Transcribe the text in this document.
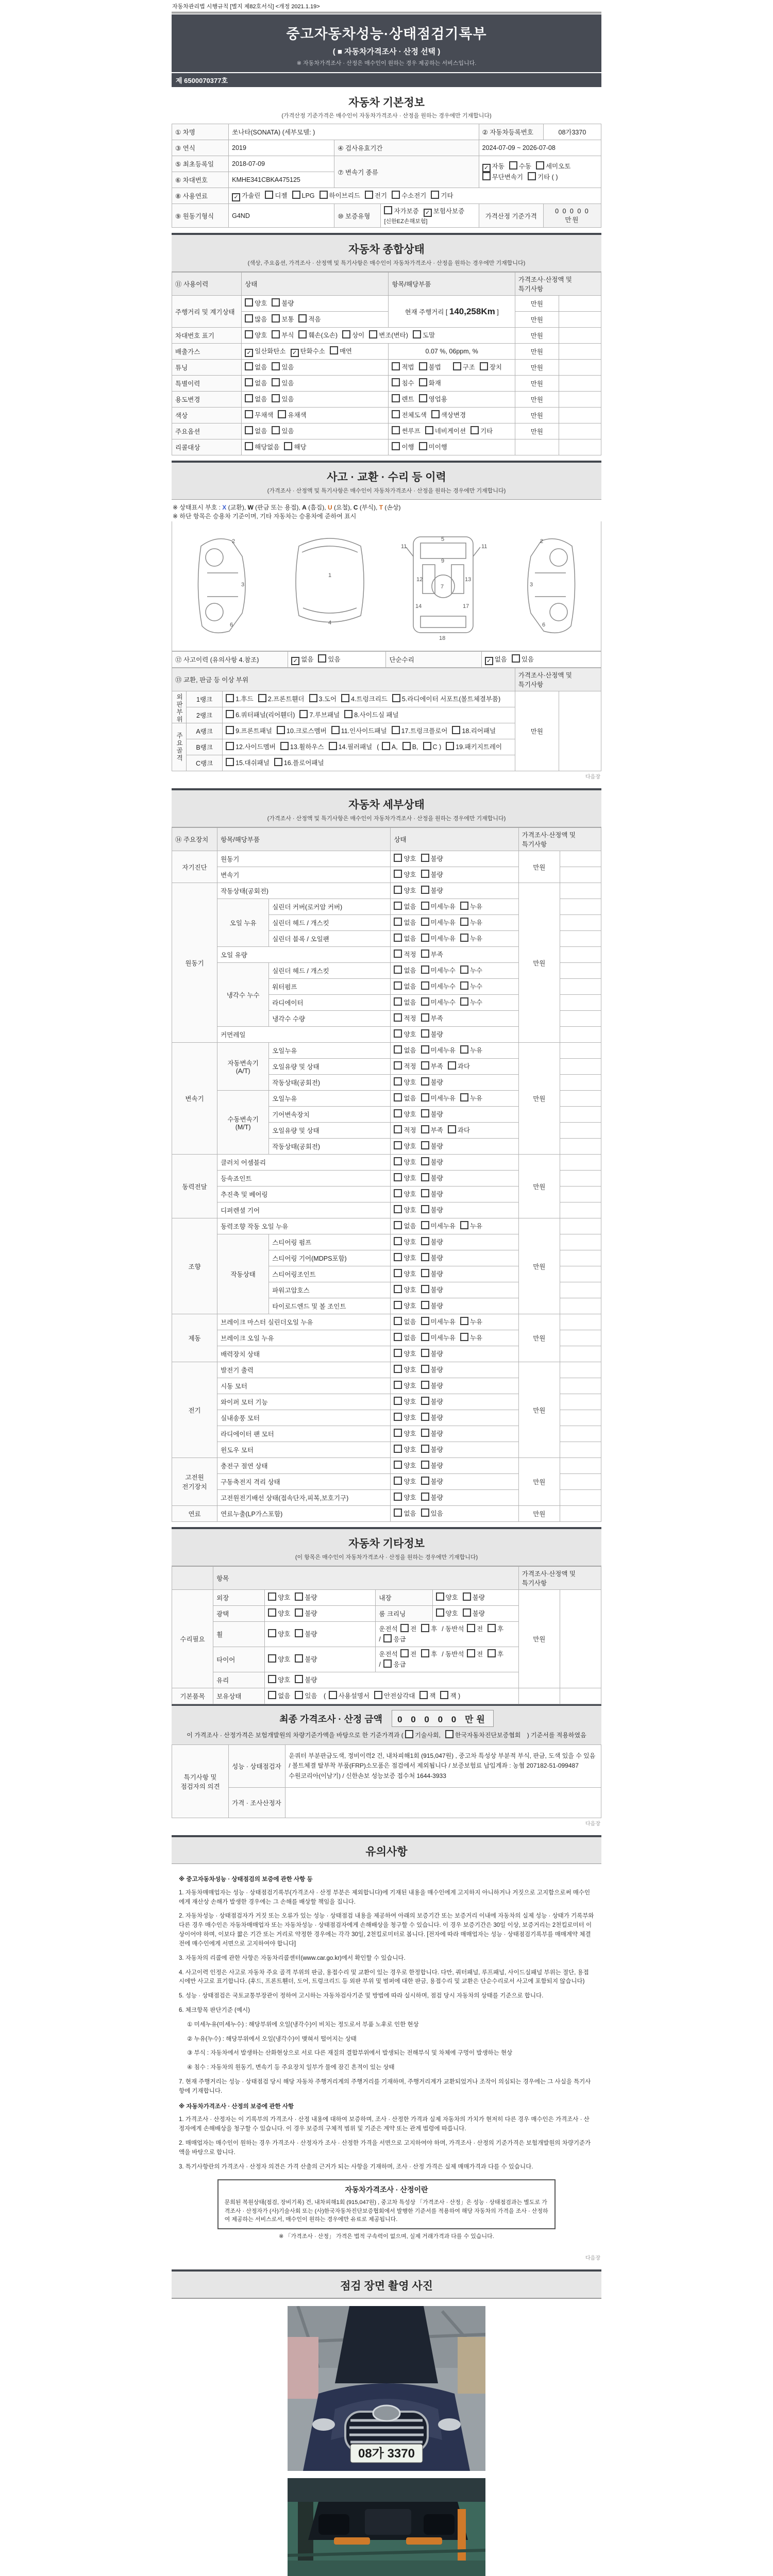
자동차관리법 시행규칙 [별지 제82호서식] <개정 2021.1.19>
중고자동차성능·상태점검기록부
( ■ 자동차가격조사 · 산정 선택 )
※ 자동차가격조사 · 산정은 매수인이 원하는 경우 제공하는 서비스입니다.
제 6500070377호
자동차 기본정보
(가격산정 기준가격은 매수인이 자동차가격조사 · 산정을 원하는 경우에만 기재합니다)
① 차명	쏘나타(SONATA) (세부모델: )			② 자동차등록번호	08가3370
③ 연식	2019	④ 검사유효기간		2024-07-09 ~ 2026-07-08	
⑤ 최초등록일	2018-07-09	⑦ 변속기 종류		✓ 자동 수동 세미오토
무단변속기 기타 ( )	

⑥ 차대번호	KMHE341CBKA475125				
⑧ 사용연료	✓ 가솔린 디젤 LPG 하이브리드 전기 수소전기 기타				
⑨ 원동기형식	G4ND	⑩ 보증유형	자가보증 ✓ 보험사보증 [신한EZ손해보험]	가격산정 기준가격	0 0 0 0 0 만원
자동차 종합상태
(색상, 주요옵션, 가격조사 · 산정액 및 특기사항은 매수인이 자동차가격조사 · 산정을 원하는 경우에만 기재합니다)
⑪ 사용이력	상태	항목/해당부품	가격조사·산정액 및 특기사항	
주행거리 및 계기상태	양호 불량	현재 주행거리 [ 140,258Km ]	만원	
	많음 보통 적음		만원	
차대번호 표기	양호 부식 훼손(오손) 상이 변조(변타) 도말		만원	
배출가스	✓ 일산화탄소 ✓ 탄화수소 매연	0.07 %, 06ppm, %	만원	
튜닝	없음 있음	적법 불법 구조 장치	만원	
특별이력	없음 있음	침수 화재	만원	
용도변경	없음 있음	렌트 영업용	만원	
색상	무채색 유채색	전체도색 색상변경	만원	
주요옵션	없음 있음	썬루프 네비게이션 기타	만원	
리콜대상	해당없음 해당	이행 미이행		
사고 · 교환 · 수리 등 이력
(가격조사 · 산정액 및 특기사항은 매수인이 자동차가격조사 · 산정을 원하는 경우에만 기재합니다)
※ 상태표시 부호 : X (교환), W (판금 또는 용접), A (흠집), U (요철), C (부식), T (손상)
※ 하단 항목은 승용차 기준이며, 기타 자동차는 승용차에 준하여 표시
2
3
6
1
4
11	11
5
9
12	13
7
14	17
18
2
3
6
⑫ 사고이력 (유의사항 4.참조)	✓ 없음 있음	단순수리	✓ 없음 있음
⑬ 교환, 판금 등 이상 부위			가격조사·산정액 및 특기사항	
외판부위	1랭크	1.후드 2.프론트휀더 3.도어 4.트렁크리드 5.라디에이터 서포트(볼트체결부품)	만원	
	2랭크	6.쿼터패널(리어휀더) 7.루브패널 8.사이드실 패널		
주요골격	A랭크	9.프론트패널 10.크로스멤버 11.인사이드패널 17.트렁크플로어 18.리어패널		
	B랭크	12.사이드멤버 13.휠하우스 14.필러패널 ( A, B, C ) 19.패키지트레이		
	C랭크	15.대쉬패널 16.플로어패널		
다음장
자동차 세부상태
(가격조사 · 산정액 및 특기사항은 매수인이 자동차가격조사 · 산정을 원하는 경우에만 기재합니다)
⑭ 주요장치	항목/해당부품		상태	가격조사·산정액 및 특기사항	
자기진단	원동기		양호 불량	만원	
	변속기		양호 불량		
원동기	작동상태(공회전)		양호 불량	만원	
	오일 누유	실린더 커버(로커암 커버)	없음 미세누유 누유		
		실린더 헤드 / 개스킷	없음 미세누유 누유		
		실린더 블록 / 오일팬	없음 미세누유 누유		
	오일 유량		적정 부족		
	냉각수 누수	실린더 헤드 / 개스킷	없음 미세누수 누수		
		워터펌프	없음 미세누수 누수		
		라디에이터	없음 미세누수 누수		
		냉각수 수량	적정 부족		
	커먼레일		양호 불량		
변속기	자동변속기 (A/T)	오일누유	없음 미세누유 누유	만원	
		오일유량 및 상태	적정 부족 과다		
		작동상태(공회전)	양호 불량		
	수동변속기 (M/T)	오일누유	없음 미세누유 누유		
		기어변속장치	양호 불량		
		오일유량 및 상태	적정 부족 과다		
		작동상태(공회전)	양호 불량		
동력전달	클러치 어셈블리		양호 불량	만원	
	등속죠인트		양호 불량		
	추진축 및 베어링		양호 불량		
	디퍼렌셜 기어		양호 불량		
조향	동력조향 작동 오일 누유		없음 미세누유 누유	만원	
	작동상태	스티어링 펌프	양호 불량		
		스티어링 기어(MDPS포함)	양호 불량		
		스티어링조인트	양호 불량		
		파워고압호스	양호 불량		
		타이로드엔드 및 볼 조인트	양호 불량		
제동	브레이크 마스터 실린더오일 누유		없음 미세누유 누유	만원	
	브레이크 오일 누유		없음 미세누유 누유		
	배력장치 상태		양호 불량		
전기	발전기 출력		양호 불량	만원	
	시동 모터		양호 불량		
	와이퍼 모터 기능		양호 불량		
	실내송풍 모터		양호 불량		
	라디에이터 팬 모터		양호 불량		
	윈도우 모터		양호 불량		
고전원 전기장치	충전구 절연 상태		양호 불량	만원	
	구동축전지 격리 상태		양호 불량		
	고전원전기배선 상태(접속단자,피복,보호기구)		양호 불량		
연료	연료누출(LP가스포함)		없음 있음	만원	
자동차 기타정보
(이 항목은 매수인이 자동차가격조사 · 산정을 원하는 경우에만 기재합니다)
	항목				가격조사·산정액 및 특기사항	
수리필요	외장	양호 불량	내장	양호 불량	만원	
	광택	양호 불량	룸 크리닝	양호 불량		
	휠	양호 불량	운전석 전 후 / 동반석 전 후/ 응급			
	타이어	양호 불량	운전석 전 후 / 동반석 전 후/ 응급			
	유리	양호 불량				
기본품목	보유상태	없음 있음 ( 사용설명서 안전삼각대 잭 잭 )				
최종 가격조사 · 산정 금액	0 0 0 0 0 만원
이 가격조사 · 산정가격은 보험개발원의 차량기준가액을 바탕으로 한 기준가격과 ( 기술사회, 한국자동차진단보증협회 ) 기준서를 적용하였음
특기사항 및 점검자의 의견	성능 · 상태점검자	운쿼터 부분판금도색, 정비이력2 건, 내차피해1회 (915,047원) , 중고차 특성상 부분적 부식, 판금, 도색 있을 수 있음 / 볼트체결 탈부착 부품(FRP)소모품은 점검에서 제외됩니다 / 보증보험료 납입계좌 : 농협 207182-51-099487 수원코리아(이남기) / 신한손보 성능보증 접수처 1644-3933
	가격 · 조사산정자	
다음장
유의사항
※ 중고자동차성능 · 상태점검의 보증에 관한 사항 등

1. 자동차매매업자는 성능 · 상태점검기록부(가격조사 · 산정 부분은 제외합니다)에 기재된 내용을 매수인에게 고지하지 아니하거나 거짓으로 고지함으로써 매수인에게 재산상 손해가 발생한 경우에는 그 손해를 배상할 책임을 집니다.

2. 자동차성능 · 상태점검자가 거짓 또는 오류가 있는 성능 · 상태점검 내용을 제공하여 아래의 보증기간 또는 보증거리 이내에 자동차의 실제 성능 · 상태가 기록부와 다른 경우 매수인은 자동차매매업자 또는 자동차성능 · 상태점검자에게 손해배상을 청구할 수 있습니다. 이 경우 보증기간은 30일 이상, 보증거리는 2천킬로미터 이상이어야 하며, 이보다 짧은 기간 또는 거리로 약정한 경우에는 각각 30일, 2천킬로미터로 봅니다. [전자에 따라 매매업자는 성능 · 상태점검기록부를 매매계약 체결 전에 매수인에게 서면으로 고지하여야 합니다]

3. 자동차의 리콜에 관한 사항은 자동차리콜센터(www.car.go.kr)에서 확인할 수 있습니다.

4. 사고이력 인정은 사고로 자동차 주요 골격 부위의 판금, 용접수리 및 교환이 있는 경우로 한정합니다. 다만, 쿼터패널, 루프패널, 사이드실패널 부위는 절단, 용접 시에만 사고로 표기합니다. (후드, 프론트휀더, 도어, 트렁크리드 등 외판 부위 및 범퍼에 대한 판금, 용접수리 및 교환은 단순수리로서 사고에 포함되지 않습니다)

5. 성능 · 상태점검은 국토교통부장관이 정하여 고시하는 자동차검사기준 및 방법에 따라 실시하며, 점검 당시 자동차의 상태를 기준으로 합니다.

6. 체크항목 판단기준 (예시)

① 미세누유(미세누수) : 해당부위에 오일(냉각수)이 비치는 정도로서 부품 노후로 인한 현상

② 누유(누수) : 해당부위에서 오일(냉각수)이 맺혀서 떨어지는 상태

③ 부식 : 자동차에서 발생하는 산화현상으로 서로 다른 재질의 결합부위에서 발생되는 전해부식 및 차체에 구멍이 발생하는 현상

④ 침수 : 자동차의 원동기, 변속기 등 주요장치 일부가 물에 잠긴 흔적이 있는 상태

7. 현재 주행거리는 성능 · 상태점검 당시 해당 자동차 주행거리계의 주행거리를 기재하며, 주행거리계가 교환되었거나 조작이 의심되는 경우에는 그 사실을 특기사항에 기재합니다.

※ 자동차가격조사 · 산정의 보증에 관한 사항

1. 가격조사 · 산정자는 이 기록부의 가격조사 · 산정 내용에 대하여 보증하며, 조사 · 산정한 가격과 실제 자동차의 가치가 현저히 다른 경우 매수인은 가격조사 · 산정자에게 손해배상을 청구할 수 있습니다. 이 경우 보증의 구체적 범위 및 기준은 계약 또는 관계 법령에 따릅니다.

2. 매매업자는 매수인이 원하는 경우 가격조사 · 산정자가 조사 · 산정한 가격을 서면으로 고지하여야 하며, 가격조사 · 산정의 기준가격은 보험개발원의 차량기준가액을 바탕으로 합니다.

3. 특기사항란의 가격조사 · 산정자 의견은 가격 산출의 근거가 되는 사항을 기재하며, 조사 · 산정 가격은 실제 매매가격과 다를 수 있습니다.

자동차가격조사 · 산정이란
문희된 복원상태(점검, 장비기록) 건, 내차피해1회 (915,047원) , 중고차 특성상 「가격조사 · 산정」은 성능 · 상태점검과는 별도로 가격조사 · 산정자가 (사)기술사회 또는 (사)한국자동차진단보증협회에서 발행한 기준서를 적용하여 해당 자동차의 가격을 조사 · 산정하여 제공하는 서비스로서, 매수인이 원하는 경우에만 유료로 제공됩니다.
※ 「가격조사 · 산정」 가격은 법적 구속력이 없으며, 실제 거래가격과 다를 수 있습니다.
다음장
점검 장면 촬영 사진
08가 3370
